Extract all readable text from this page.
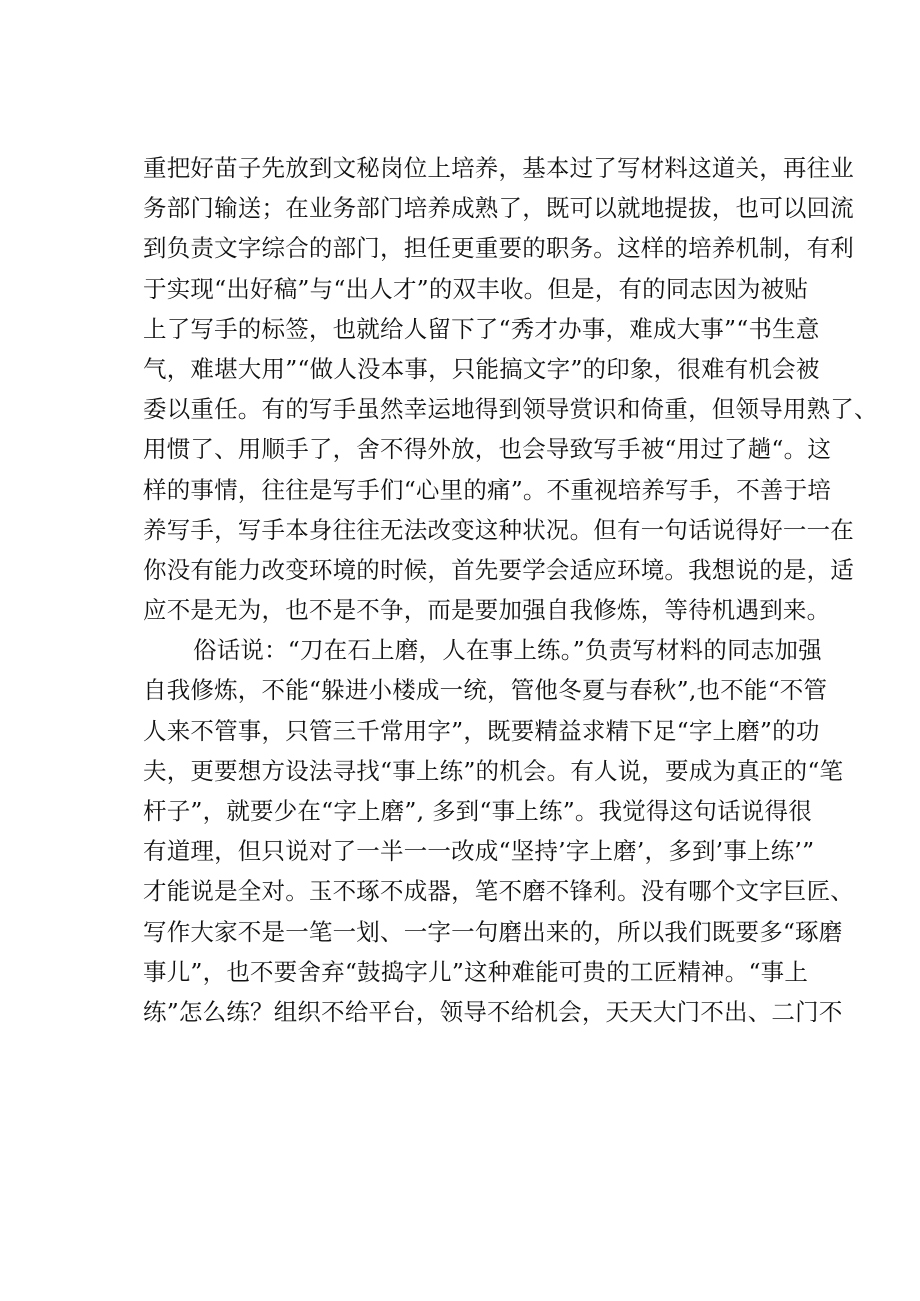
重把好苗子先放到文秘岗位上培养，基本过了写材料这道关，再往业
务部门输送；在业务部门培养成熟了，既可以就地提拔，也可以回流
到负责文字综合的部门，担任更重要的职务。这样的培养机制，有利
于实现“出好稿”与“出人才”的双丰收。但是，有的同志因为被贴
上了写手的标签，也就给人留下了“秀才办事，难成大事”“书生意
气，难堪大用”“做人没本事，只能搞文字”的印象，很难有机会被
委以重任。有的写手虽然幸运地得到领导赏识和倚重，但领导用熟了、
用惯了、用顺手了，舍不得外放，也会导致写手被“用过了趟“。这
样的事情，往往是写手们“心里的痛”。不重视培养写手，不善于培
养写手，写手本身往往无法改变这种状况。但有一句话说得好一一在
你没有能力改变环境的时候，首先要学会适应环境。我想说的是，适
应不是无为，也不是不争，而是要加强自我修炼，等待机遇到来。
俗话说：“刀在石上磨，人在事上练。”负责写材料的同志加强
自我修炼，不能“躲进小楼成一统，管他冬夏与春秋”,也不能“不管
人来不管事，只管三千常用字”，既要精益求精下足“字上磨”的功
夫，更要想方设法寻找“事上练”的机会。有人说，要成为真正的“笔
杆子”，就要少在“字上磨”, 多到“事上练”。我觉得这句话说得很
有道理，但只说对了一半一一改成“坚持’字上磨’，多到’事上练’”
才能说是全对。玉不琢不成器，笔不磨不锋利。没有哪个文字巨匠、
写作大家不是一笔一划、一字一句磨出来的，所以我们既要多“琢磨
事儿”，也不要舍弃“鼓捣字儿”这种难能可贵的工匠精神。“事上
练”怎么练？组织不给平台，领导不给机会，天天大门不出、二门不
